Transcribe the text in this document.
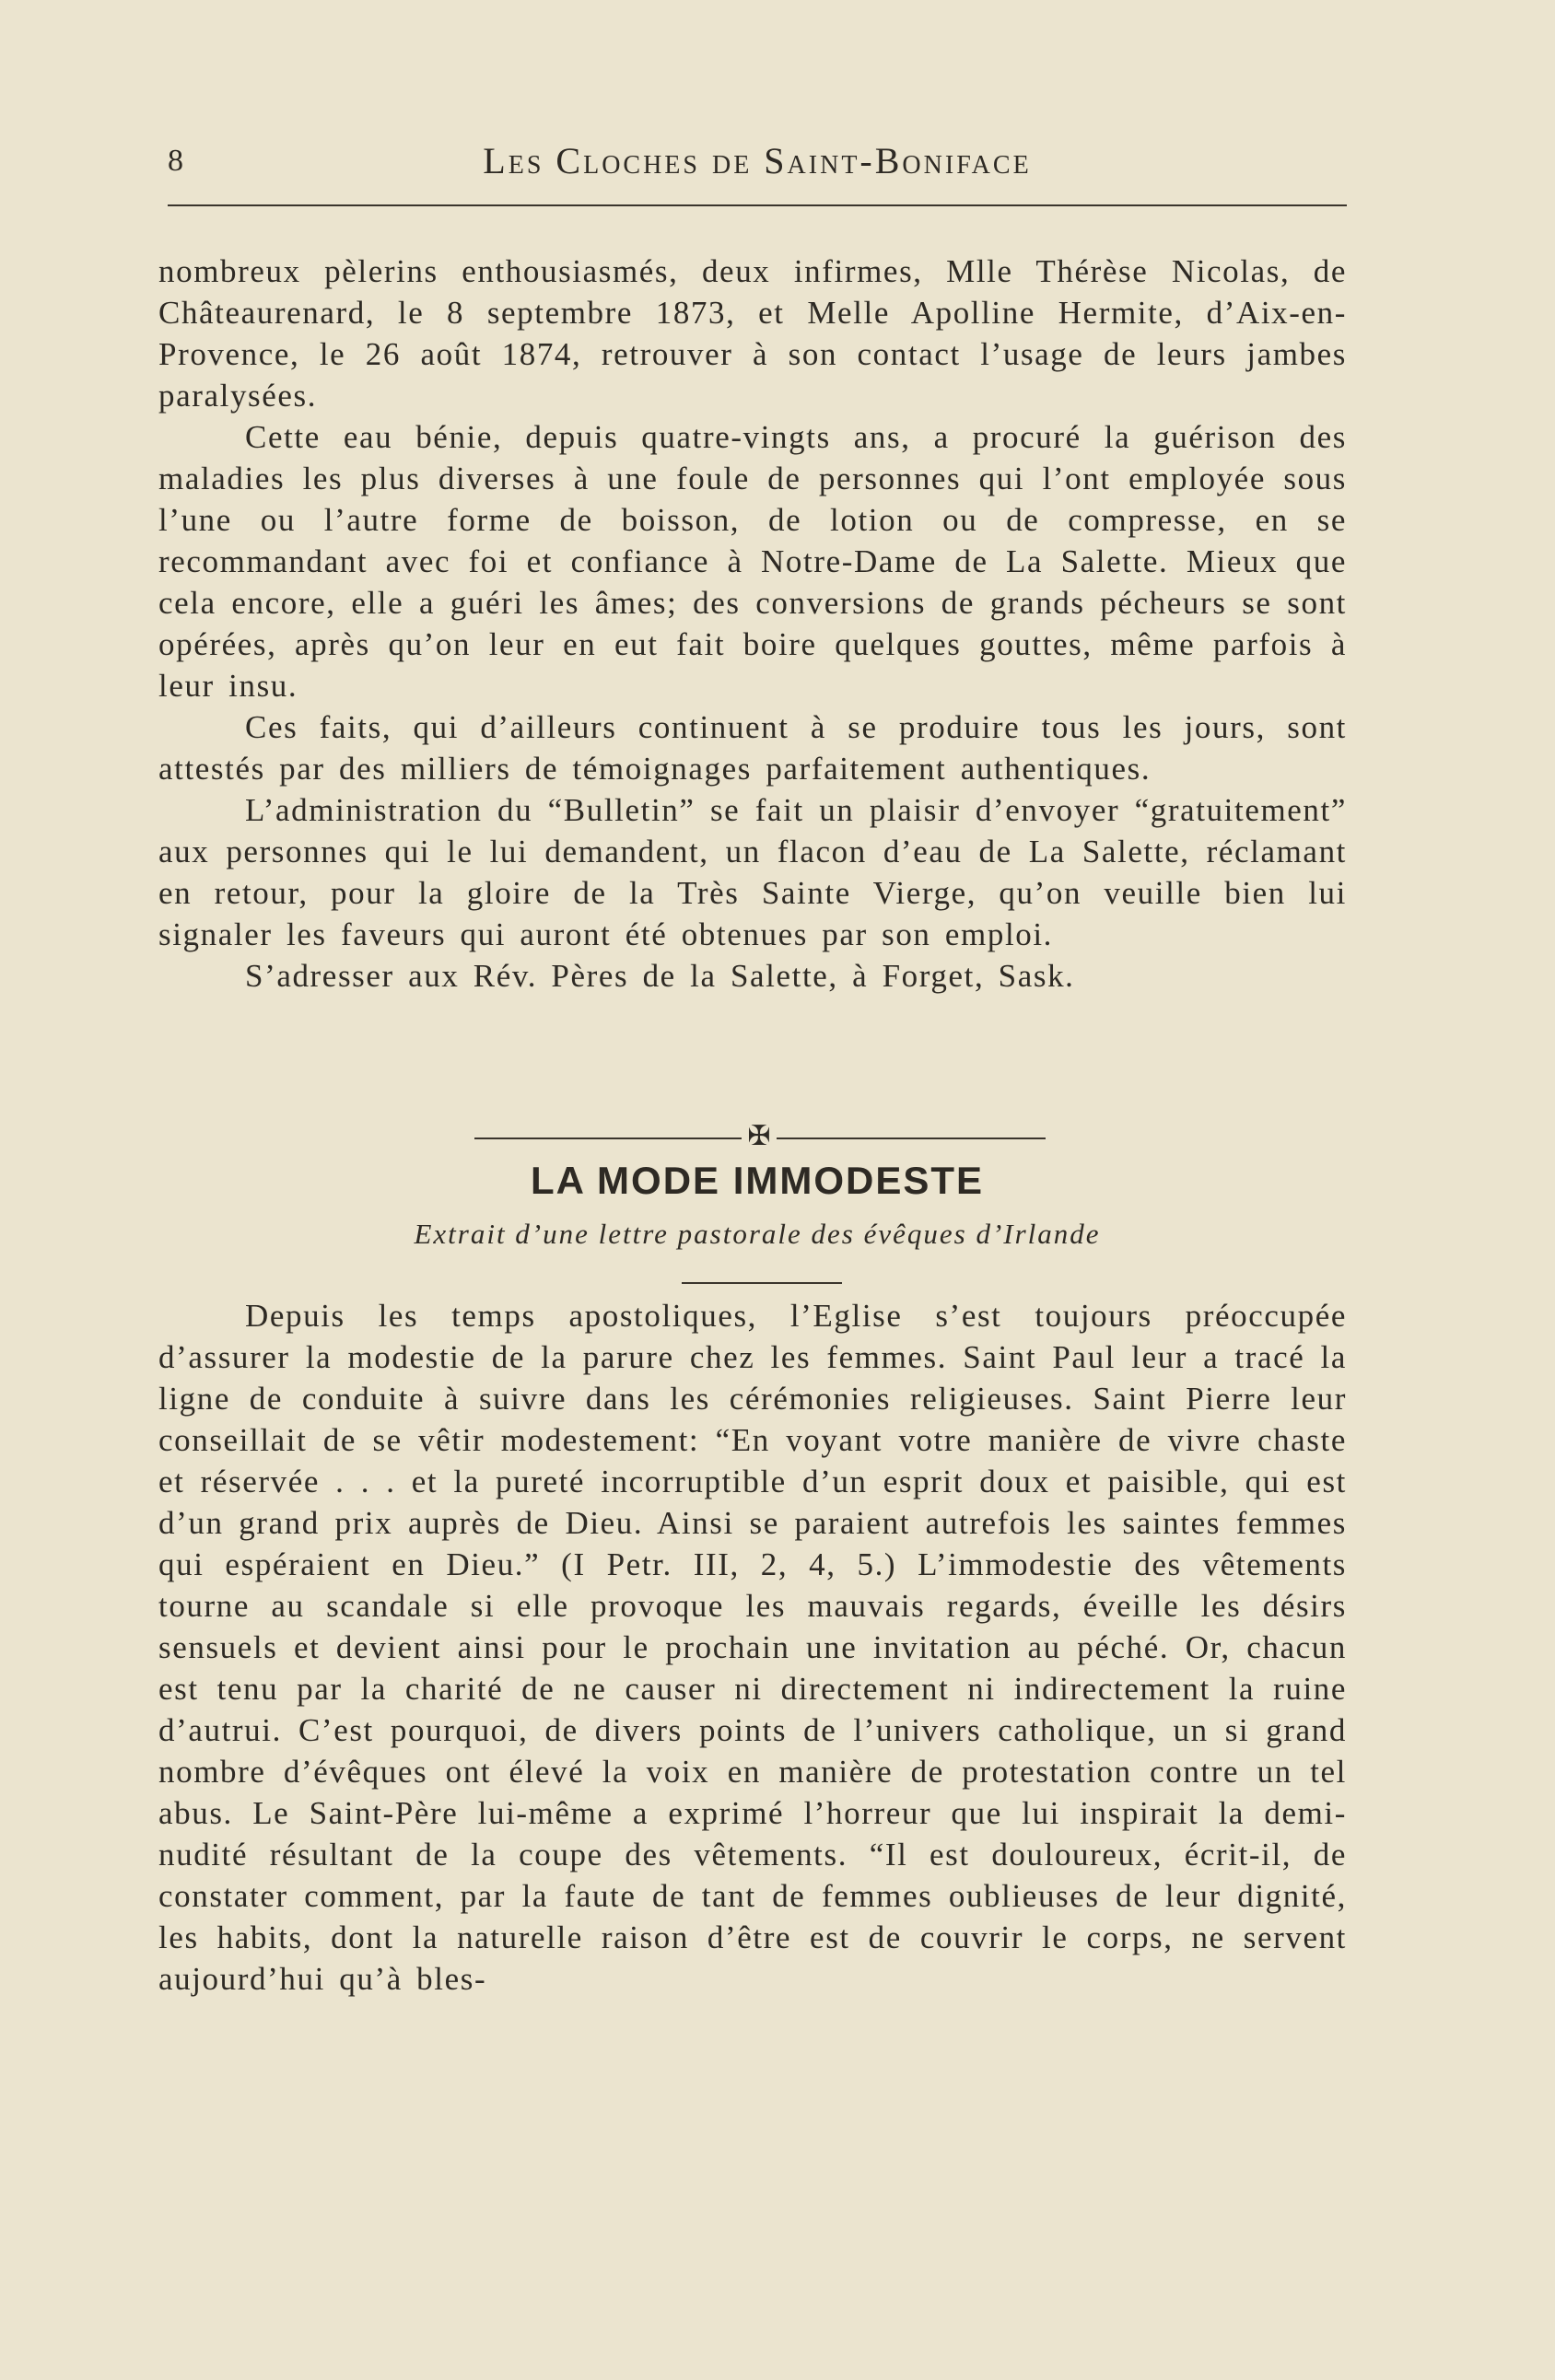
8	Les Cloches de Saint-Boniface

nombreux pèlerins enthousiasmés, deux infirmes, Mlle Thérèse Nicolas, de Châteaurenard, le 8 septembre 1873, et Melle Apolline Hermite, d’Aix-en-Provence, le 26 août 1874, retrouver à son contact l’usage de leurs jambes paralysées.

Cette eau bénie, depuis quatre-vingts ans, a procuré la guérison des maladies les plus diverses à une foule de personnes qui l’ont employée sous l’une ou l’autre forme de boisson, de lotion ou de compresse, en se recommandant avec foi et confiance à Notre-Dame de La Salette. Mieux que cela encore, elle a guéri les âmes; des conversions de grands pécheurs se sont opérées, après qu’on leur en eut fait boire quelques gouttes, même parfois à leur insu.

Ces faits, qui d’ailleurs continuent à se produire tous les jours, sont attestés par des milliers de témoignages parfaitement authentiques.

L’administration du “Bulletin” se fait un plaisir d’envoyer “gratuitement” aux personnes qui le lui demandent, un flacon d’eau de La Salette, réclamant en retour, pour la gloire de la Très Sainte Vierge, qu’on veuille bien lui signaler les faveurs qui auront été obtenues par son emploi.

S’adresser aux Rév. Pères de la Salette, à Forget, Sask.

✠
LA MODE IMMODESTE
Extrait d’une lettre pastorale des évêques d’Irlande

Depuis les temps apostoliques, l’Eglise s’est toujours préoccupée d’assurer la modestie de la parure chez les femmes. Saint Paul leur a tracé la ligne de conduite à suivre dans les cérémonies religieuses. Saint Pierre leur conseillait de se vêtir modestement: “En voyant votre manière de vivre chaste et réservée . . . et la pureté incorruptible d’un esprit doux et paisible, qui est d’un grand prix auprès de Dieu. Ainsi se paraient autrefois les saintes femmes qui espéraient en Dieu.” (I Petr. III, 2, 4, 5.) L’immodestie des vêtements tourne au scandale si elle provoque les mauvais regards, éveille les désirs sensuels et devient ainsi pour le prochain une invitation au péché. Or, chacun est tenu par la charité de ne causer ni directement ni indirectement la ruine d’autrui. C’est pourquoi, de divers points de l’univers catholique, un si grand nombre d’évêques ont élevé la voix en manière de protestation contre un tel abus. Le Saint-Père lui-même a exprimé l’horreur que lui inspirait la demi-nudité résultant de la coupe des vêtements. “Il est douloureux, écrit-il, de constater comment, par la faute de tant de femmes oublieuses de leur dignité, les habits, dont la naturelle raison d’être est de couvrir le corps, ne servent aujourd’hui qu’à bles-
